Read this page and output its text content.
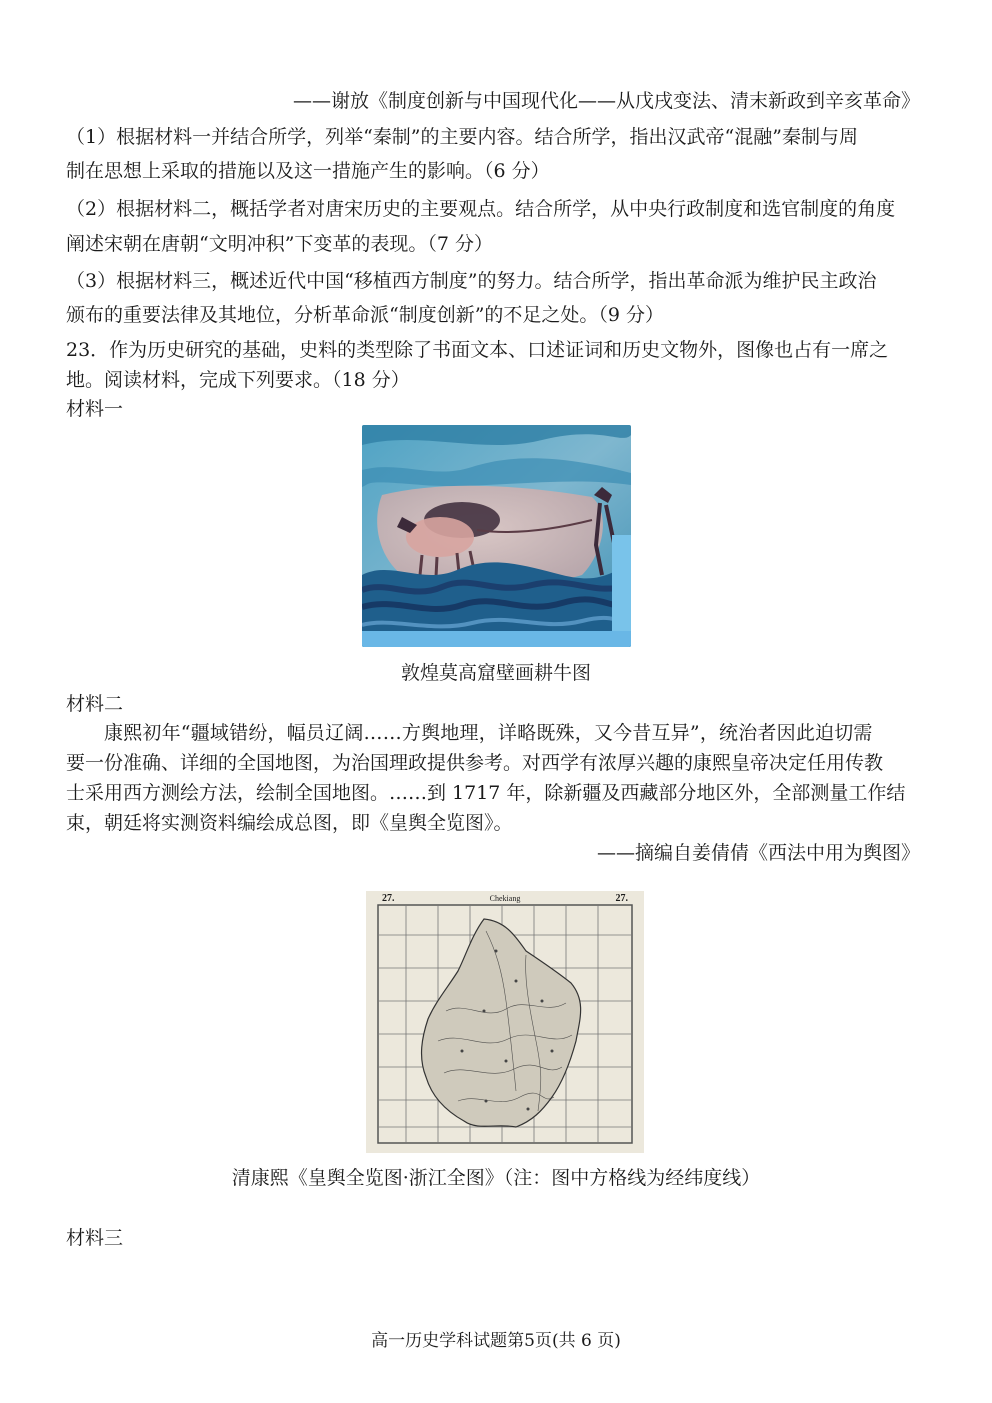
——谢放《制度创新与中国现代化——从戊戌变法、清末新政到辛亥革命》
（1）根据材料一并结合所学，列举“秦制”的主要内容。结合所学，指出汉武帝“混融”秦制与周
制在思想上采取的措施以及这一措施产生的影响。（6 分）
（2）根据材料二，概括学者对唐宋历史的主要观点。结合所学，从中央行政制度和选官制度的角度
阐述宋朝在唐朝“文明冲积”下变革的表现。（7 分）
（3）根据材料三，概述近代中国“移植西方制度”的努力。结合所学，指出革命派为维护民主政治
颁布的重要法律及其地位，分析革命派“制度创新”的不足之处。（9 分）
23．作为历史研究的基础，史料的类型除了书面文本、口述证词和历史文物外，图像也占有一席之
地。阅读材料，完成下列要求。（18 分）
材料一
敦煌莫高窟壁画耕牛图
材料二
康熙初年“疆域错纷，幅员辽阔……方舆地理，详略既殊，又今昔互异”，统治者因此迫切需
要一份准确、详细的全国地图，为治国理政提供参考。对西学有浓厚兴趣的康熙皇帝决定任用传教
士采用西方测绘方法，绘制全国地图。……到 1717 年，除新疆及西藏部分地区外，全部测量工作结
束，朝廷将实测资料编绘成总图，即《皇舆全览图》。
——摘编自姜倩倩《西法中用为舆图》
27.	Chekiang	27.
清康熙《皇舆全览图·浙江全图》（注：图中方格线为经纬度线）
材料三
高一历史学科试题第5页(共 6 页)
